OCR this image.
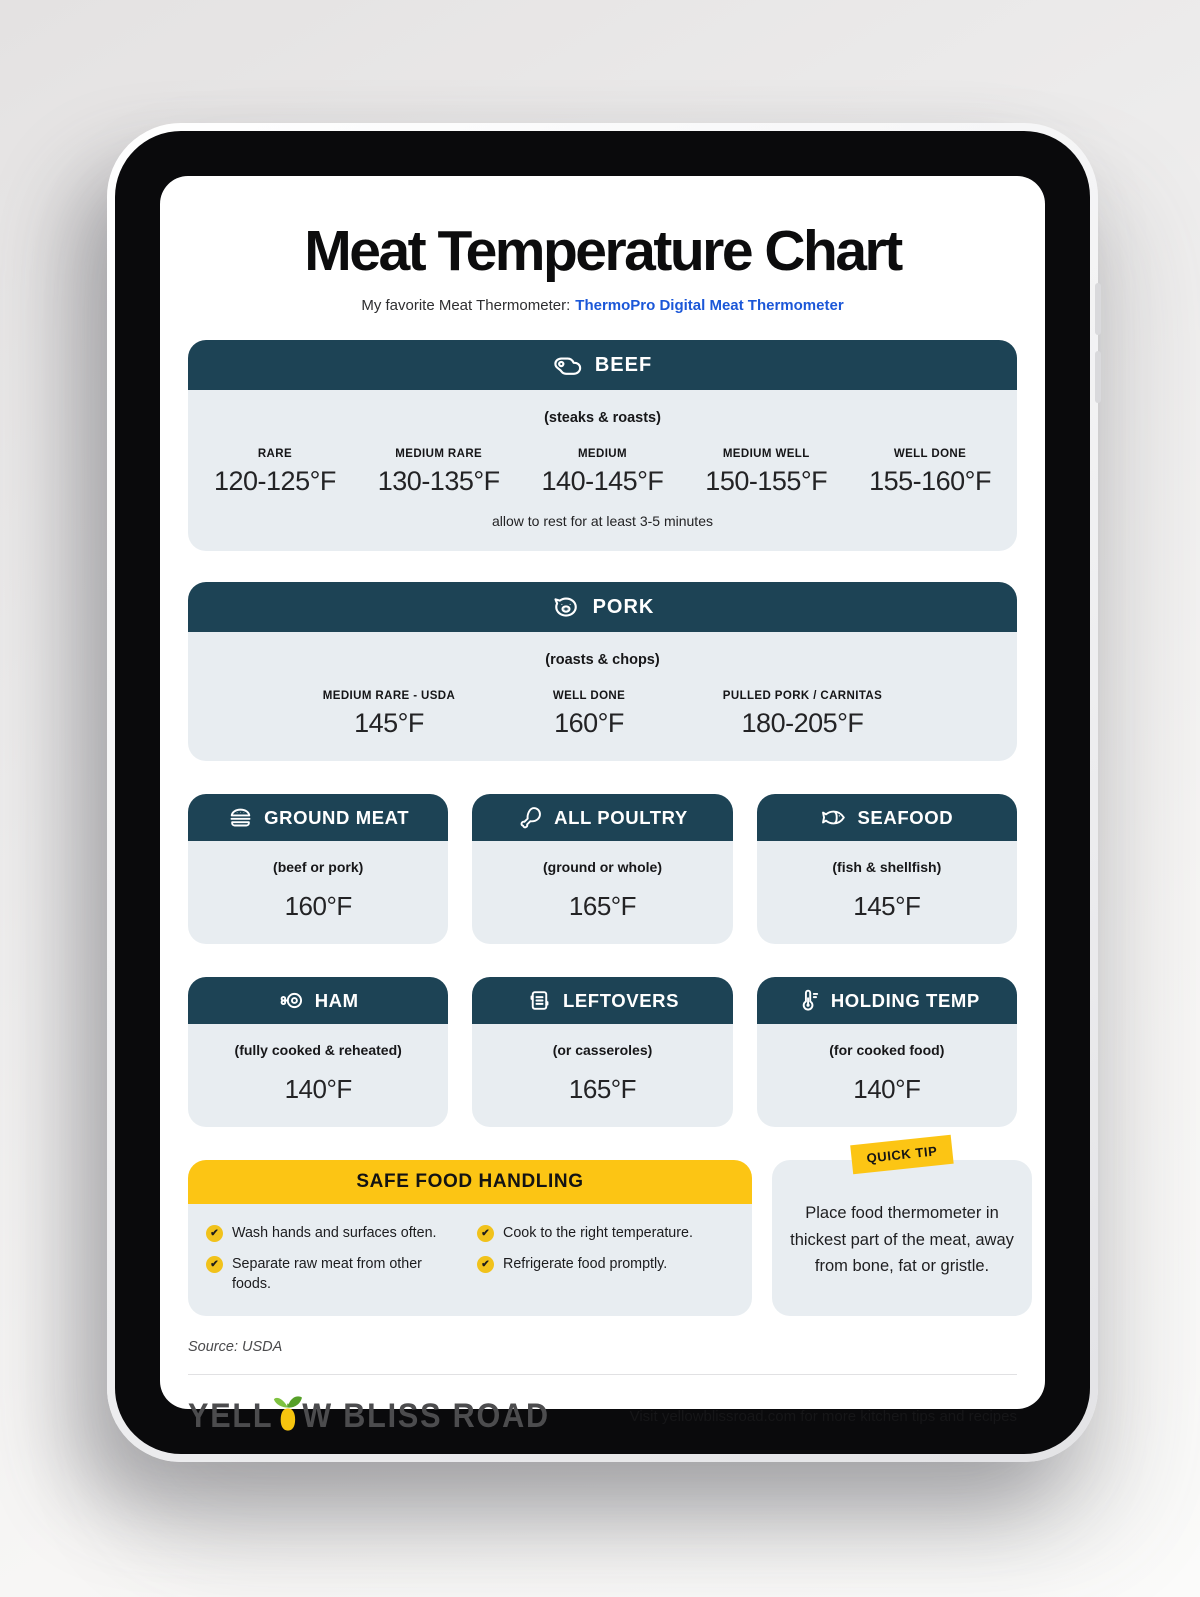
Meat Temperature Chart

My favorite Meat Thermometer: ThermoPro Digital Meat Thermometer

BEEF
(steaks & roasts)
RARE
120-125°F
MEDIUM RARE
130-135°F
MEDIUM
140-145°F
MEDIUM WELL
150-155°F
WELL DONE
155-160°F
allow to rest for at least 3-5 minutes
PORK
(roasts & chops)
MEDIUM RARE - USDA
145°F
WELL DONE
160°F
PULLED PORK / CARNITAS
180-205°F
GROUND MEAT
(beef or pork)
160°F
ALL POULTRY
(ground or whole)
165°F
SEAFOOD
(fish & shellfish)
145°F
HAM
(fully cooked & reheated)
140°F
LEFTOVERS
(or casseroles)
165°F
HOLDING TEMP
(for cooked food)
140°F
SAFE FOOD HANDLING
✔ Wash hands and surfaces often.	✔ Cook to the right temperature.
✔ Separate raw meat from other foods.
✔ Refrigerate food promptly.
QUICK TIP
Place food thermometer in thickest part of the meat, away from bone, fat or gristle.
Source: USDA
YELL W BLISS ROAD	Visit yellowblissroad.com for more kitchen tips and recipes
